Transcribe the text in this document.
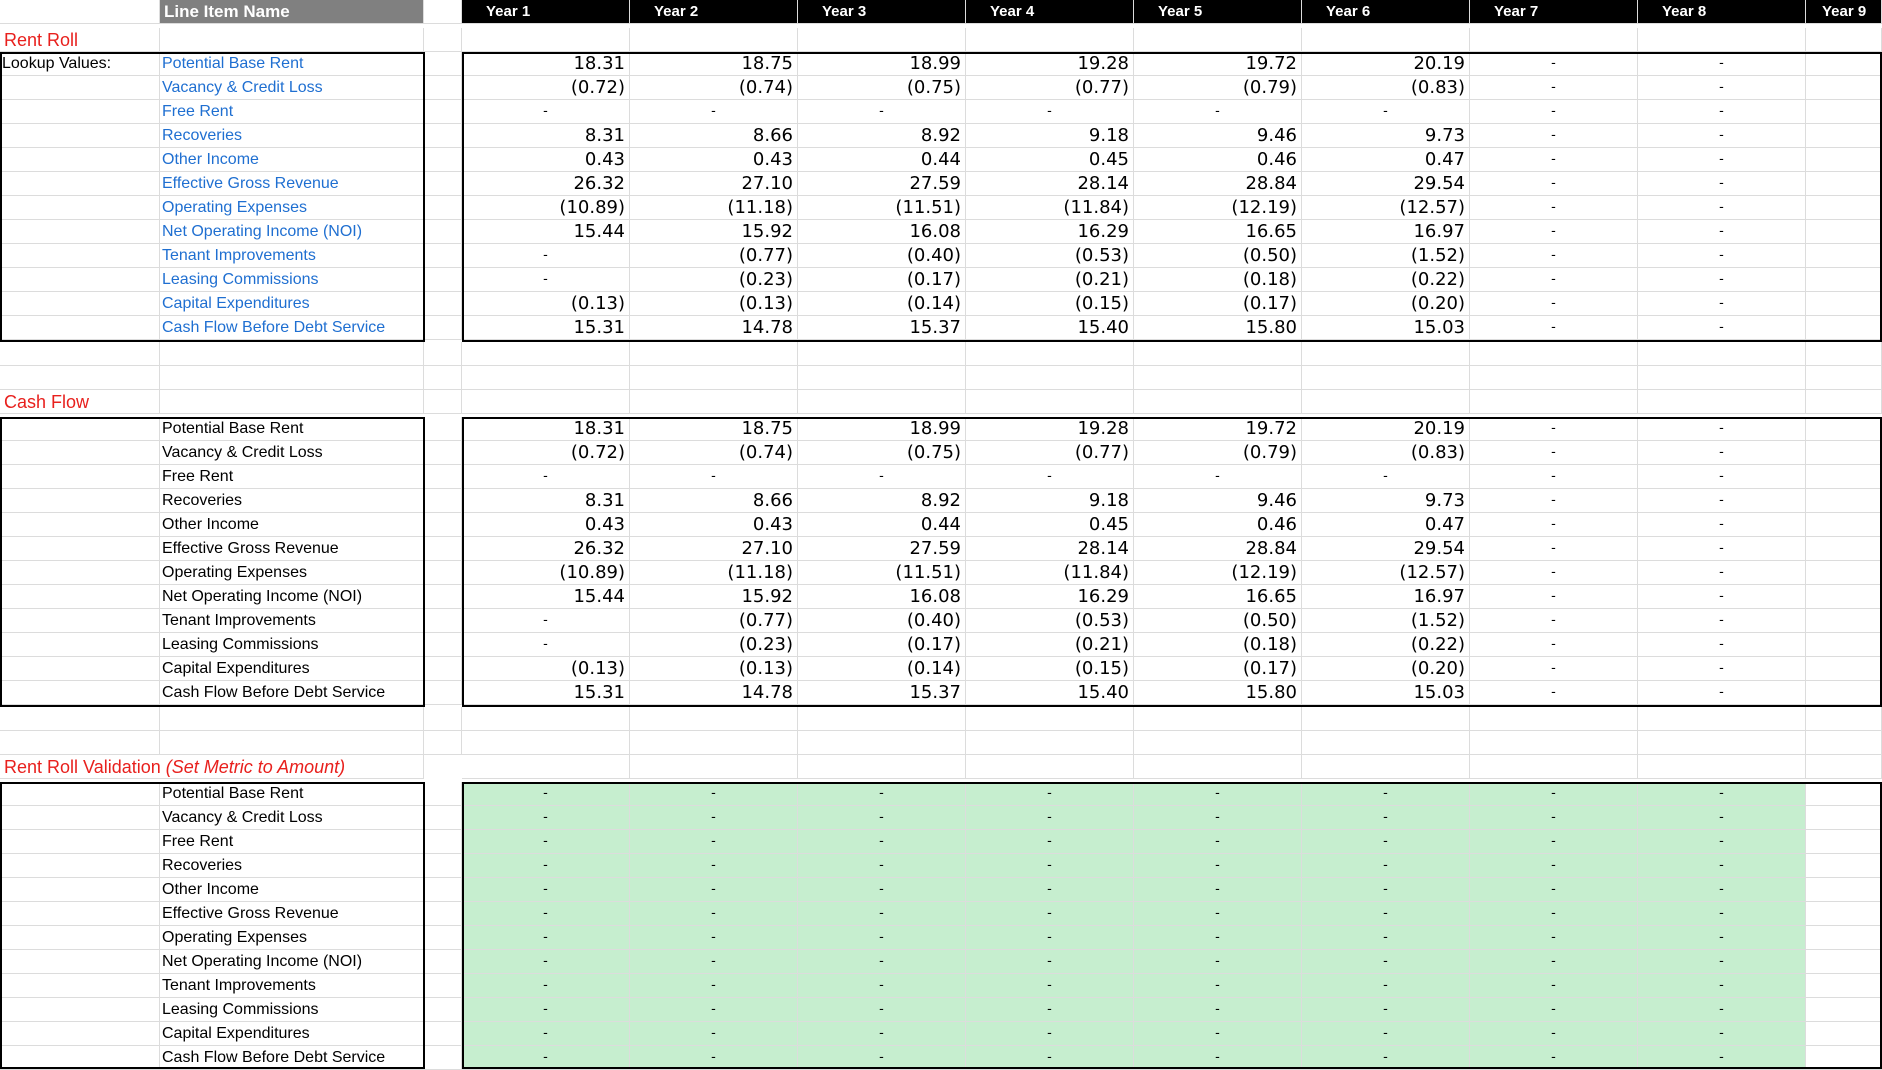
Line Item Name	Year 1	Year 2	Year 3	Year 4	Year 5	Year 6	Year 7	Year 8	Year 9
Rent Roll
Lookup Values:	Potential Base Rent	18.31	18.75	18.99	19.28	19.72	20.19	-	-
Vacancy & Credit Loss	(0.72)	(0.74)	(0.75)	(0.77)	(0.79)	(0.83)	-	-
Free Rent	-	-	-	-	-	-	-	-
Recoveries	8.31	8.66	8.92	9.18	9.46	9.73	-	-
Other Income	0.43	0.43	0.44	0.45	0.46	0.47	-	-
Effective Gross Revenue	26.32	27.10	27.59	28.14	28.84	29.54	-	-
Operating Expenses	(10.89)	(11.18)	(11.51)	(11.84)	(12.19)	(12.57)	-	-
Net Operating Income (NOI)	15.44	15.92	16.08	16.29	16.65	16.97	-	-
Tenant Improvements	-	(0.77)	(0.40)	(0.53)	(0.50)	(1.52)	-	-
Leasing Commissions	-	(0.23)	(0.17)	(0.21)	(0.18)	(0.22)	-	-
Capital Expenditures	(0.13)	(0.13)	(0.14)	(0.15)	(0.17)	(0.20)	-	-
Cash Flow Before Debt Service	15.31	14.78	15.37	15.40	15.80	15.03	-	-
Cash Flow
Potential Base Rent	18.31	18.75	18.99	19.28	19.72	20.19	-	-
Vacancy & Credit Loss	(0.72)	(0.74)	(0.75)	(0.77)	(0.79)	(0.83)	-	-
Free Rent	-	-	-	-	-	-	-	-
Recoveries	8.31	8.66	8.92	9.18	9.46	9.73	-	-
Other Income	0.43	0.43	0.44	0.45	0.46	0.47	-	-
Effective Gross Revenue	26.32	27.10	27.59	28.14	28.84	29.54	-	-
Operating Expenses	(10.89)	(11.18)	(11.51)	(11.84)	(12.19)	(12.57)	-	-
Net Operating Income (NOI)	15.44	15.92	16.08	16.29	16.65	16.97	-	-
Tenant Improvements	-	(0.77)	(0.40)	(0.53)	(0.50)	(1.52)	-	-
Leasing Commissions	-	(0.23)	(0.17)	(0.21)	(0.18)	(0.22)	-	-
Capital Expenditures	(0.13)	(0.13)	(0.14)	(0.15)	(0.17)	(0.20)	-	-
Cash Flow Before Debt Service	15.31	14.78	15.37	15.40	15.80	15.03	-	-
Rent Roll Validation (Set Metric to Amount)
Potential Base Rent	-	-	-	-	-	-	-	-
Vacancy & Credit Loss	-	-	-	-	-	-	-	-
Free Rent	-	-	-	-	-	-	-	-
Recoveries	-	-	-	-	-	-	-	-
Other Income	-	-	-	-	-	-	-	-
Effective Gross Revenue	-	-	-	-	-	-	-	-
Operating Expenses	-	-	-	-	-	-	-	-
Net Operating Income (NOI)	-	-	-	-	-	-	-	-
Tenant Improvements	-	-	-	-	-	-	-	-
Leasing Commissions	-	-	-	-	-	-	-	-
Capital Expenditures	-	-	-	-	-	-	-	-
Cash Flow Before Debt Service	-	-	-	-	-	-	-	-
